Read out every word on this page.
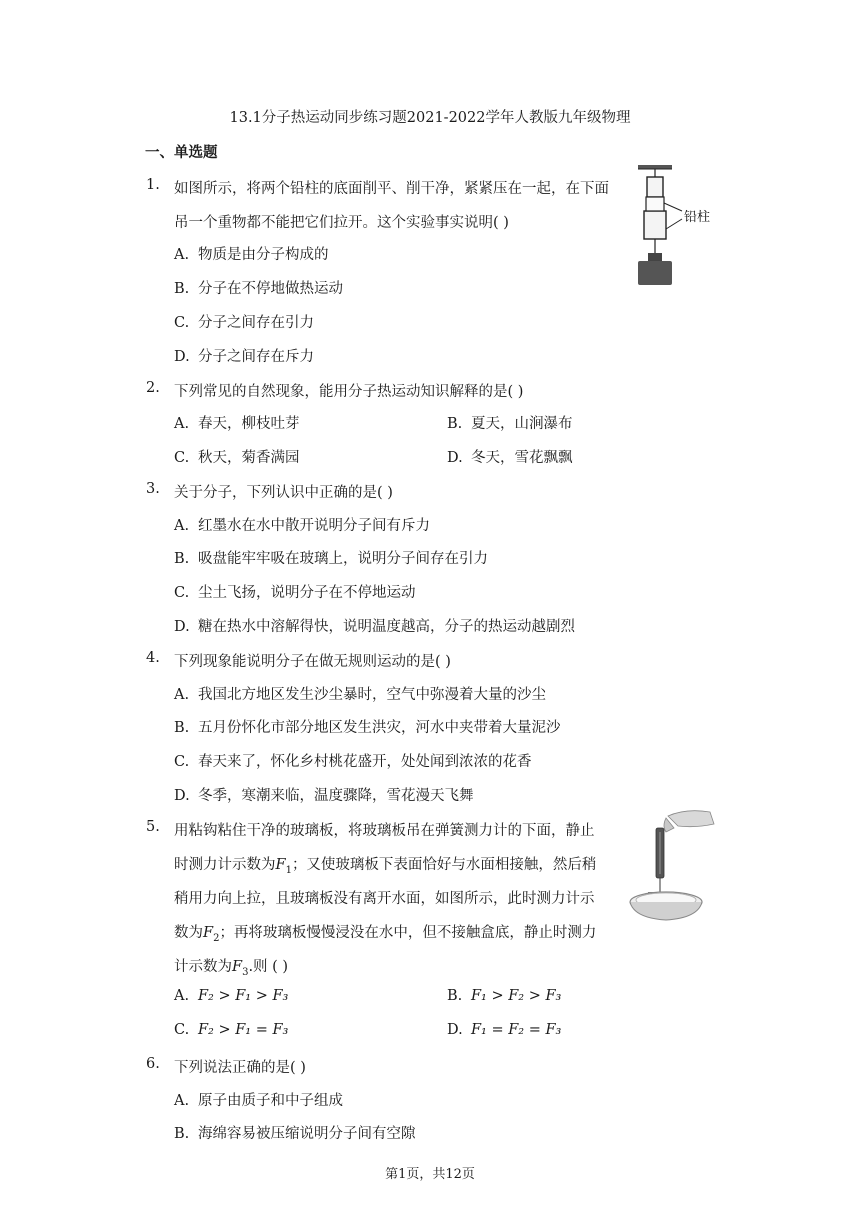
13.1分子热运动同步练习题2021-2022学年人教版九年级物理
一、单选题
1. 如图所示，将两个铅柱的底面削平、削干净，紧紧压在一起，在下面
吊一个重物都不能把它们拉开。这个实验事实说明( )
A. 物质是由分子构成的
B. 分子在不停地做热运动
C. 分子之间存在引力
D. 分子之间存在斥力
铅柱
2. 下列常见的自然现象，能用分子热运动知识解释的是( )
A. 春天，柳枝吐芽	B. 夏天，山涧瀑布
C. 秋天，菊香满园	D. 冬天，雪花飘飘
3. 关于分子，下列认识中正确的是( )
A. 红墨水在水中散开说明分子间有斥力
B. 吸盘能牢牢吸在玻璃上，说明分子间存在引力
C. 尘土飞扬，说明分子在不停地运动
D. 糖在热水中溶解得快，说明温度越高，分子的热运动越剧烈
4. 下列现象能说明分子在做无规则运动的是( )
A. 我国北方地区发生沙尘暴时，空气中弥漫着大量的沙尘
B. 五月份怀化市部分地区发生洪灾，河水中夹带着大量泥沙
C. 春天来了，怀化乡村桃花盛开，处处闻到浓浓的花香
D. 冬季，寒潮来临，温度骤降，雪花漫天飞舞
5. 用粘钩粘住干净的玻璃板，将玻璃板吊在弹簧测力计的下面，静止
时测力计示数为$F_1$；又使玻璃板下表面恰好与水面相接触，然后稍
稍用力向上拉，且玻璃板没有离开水面，如图所示，此时测力计示
数为$F_2$；再将玻璃板慢慢浸没在水中，但不接触盒底，静止时测力
计示数为$F_3$.则 ( )
A. F₂ > F₁ > F₃	B. F₁ > F₂ > F₃
C. F₂ > F₁ = F₃	D. F₁ = F₂ = F₃
6. 下列说法正确的是( )
A. 原子由质子和中子组成
B. 海绵容易被压缩说明分子间有空隙
第1页，共12页
